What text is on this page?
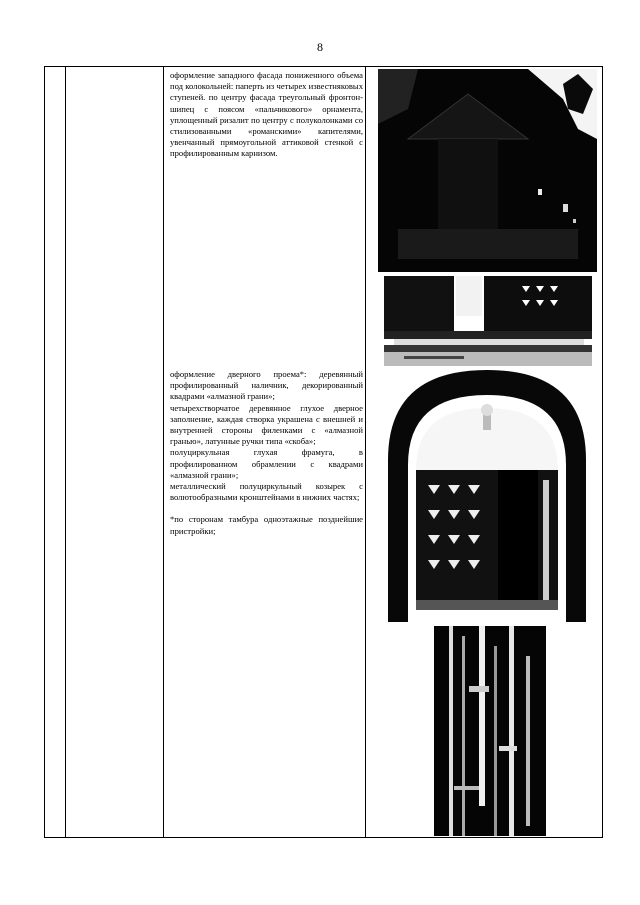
8

оформление западного фасада пониженного объема под колокольней: паперть из четырех известняковых ступеней. по центру фасада треугольный фронтон-шипец с поясом «пальчикового» орнамента, уплощенный ризалит по центру с полуколонками со стилизованными «романскими» капителями, увенчанный прямоугольной аттиковой стенкой с профилированным карнизом.

оформление дверного проема*: деревянный профилированный наличник, декорированный квадрами «алмазной грани»;

четырехстворчатое деревянное глухое дверное заполнение, каждая створка украшена с внешней и внутренней стороны филенками с «алмазной гранью», латунные ручки типа «скоба»;

полуциркульная глухая фрамуга, в профилированном обрамлении с квадрами «алмазной грани»;

металлический полуциркульный козырек с волютообразными кронштейнами в нижних частях;

*по сторонам тамбура одноэтажные позднейшие пристройки;
